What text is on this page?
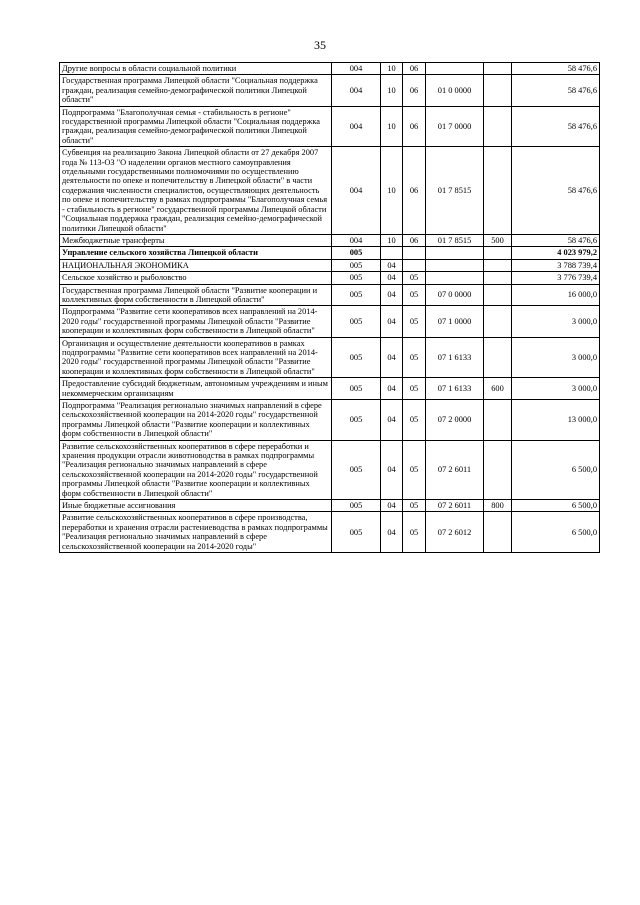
35
Другие вопросы в области социальной политики	004	10	06			58 476,6
Государственная программа Липецкой области "Социальная поддержка граждан, реализация семейно-демографической политики Липецкой области"	004	10	06	01 0 0000		58 476,6
Подпрограмма "Благополучная семья - стабильность в регионе" государственной программы Липецкой области "Социальная поддержка граждан, реализация семейно-демографической политики Липецкой области"	004	10	06	01 7 0000		58 476,6
Субвенция на реализацию Закона Липецкой области от 27 декабря 2007 года № 113-ОЗ "О наделении органов местного самоуправления отдельными государственными полномочиями по осуществлению деятельности по опеке и попечительству в Липецкой области" в части содержания численности специалистов, осуществляющих деятельность по опеке и попечительству в рамках подпрограммы "Благополучная семья - стабильность в регионе" государственной программы Липецкой области "Социальная поддержка граждан, реализация семейно-демографической политики Липецкой области"	004	10	06	01 7 8515		58 476,6
Межбюджетные трансферты	004	10	06	01 7 8515	500	58 476,6
Управление сельского хозяйства Липецкой области	005					4 023 979,2
НАЦИОНАЛЬНАЯ ЭКОНОМИКА	005	04				3 788 739,4
Сельское хозяйство и рыболовство	005	04	05			3 776 739,4
Государственная программа Липецкой области "Развитие кооперации и коллективных форм собственности в Липецкой области"	005	04	05	07 0 0000		16 000,0
Подпрограмма "Развитие сети кооперативов всех направлений на 2014-2020 годы" государственной программы Липецкой области "Развитие кооперации и коллективных форм собственности в Липецкой области"	005	04	05	07 1 0000		3 000,0
Организация и осуществление деятельности кооперативов в рамках подпрограммы "Развитие сети кооперативов всех направлений на 2014-2020 годы" государственной программы Липецкой области "Развитие кооперации и коллективных форм собственности в Липецкой области"	005	04	05	07 1 6133		3 000,0
Предоставление субсидий бюджетным, автономным учреждениям и иным некоммерческим организациям	005	04	05	07 1 6133	600	3 000,0
Подпрограмма "Реализация регионально значимых направлений в сфере сельскохозяйственной кооперации на 2014-2020 годы" государственной программы Липецкой области "Развитие кооперации и коллективных форм собственности в Липецкой области"	005	04	05	07 2 0000		13 000,0
Развитие сельскохозяйственных кооперативов в сфере переработки и хранения продукции отрасли животноводства в рамках подпрограммы "Реализация регионально значимых направлений в сфере сельскохозяйственной кооперации на 2014-2020 годы" государственной программы Липецкой области "Развитие кооперации и коллективных форм собственности в Липецкой области"	005	04	05	07 2 6011		6 500,0
Иные бюджетные ассигнования	005	04	05	07 2 6011	800	6 500,0
Развитие сельскохозяйственных кооперативов в сфере производства, переработки и хранения отрасли растениеводства в рамках подпрограммы "Реализация регионально значимых направлений в сфере сельскохозяйственной кооперации на 2014-2020 годы"	005	04	05	07 2 6012		6 500,0
